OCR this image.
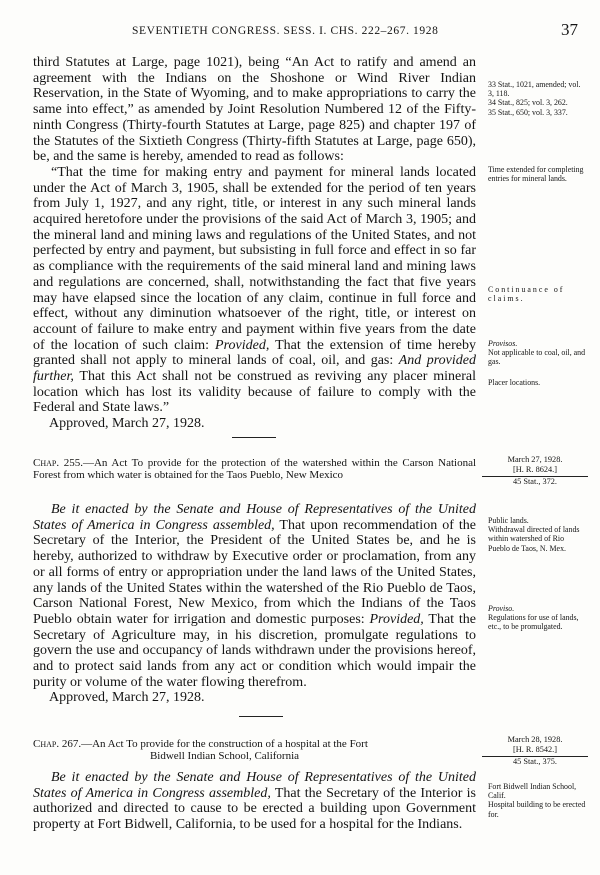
SEVENTIETH CONGRESS. SESS. I. CHS. 222–267. 1928	37

third Statutes at Large, page 1021), being “An Act to ratify and amend an agreement with the Indians on the Shoshone or Wind River Indian Reservation, in the State of Wyoming, and to make appropriations to carry the same into effect,” as amended by Joint Resolution Numbered 12 of the Fifty-ninth Congress (Thirty-fourth Statutes at Large, page 825) and chapter 197 of the Statutes of the Sixtieth Congress (Thirty-fifth Statutes at Large, page 650), be, and the same is hereby, amended to read as follows:

“That the time for making entry and payment for mineral lands located under the Act of March 3, 1905, shall be extended for the period of ten years from July 1, 1927, and any right, title, or interest in any such mineral lands acquired heretofore under the provisions of the said Act of March 3, 1905; and the mineral land and mining laws and regulations of the United States, and not perfected by entry and payment, but subsisting in full force and effect in so far as compliance with the requirements of the said mineral land and mining laws and regulations are concerned, shall, notwithstanding the fact that five years may have elapsed since the location of any claim, continue in full force and effect, without any diminution whatsoever of the right, title, or interest on account of failure to make entry and payment within five years from the date of the location of such claim: Provided, That the extension of time hereby granted shall not apply to mineral lands of coal, oil, and gas: And provided further, That this Act shall not be construed as reviving any placer mineral location which has lost its validity because of failure to comply with the Federal and State laws.”

Approved, March 27, 1928.

33 Stat., 1021, amended; vol. 3, 118.

34 Stat., 825; vol. 3, 262.

35 Stat., 650; vol. 3, 337.

Time extended for completing entries for mineral lands.

Continuance of claims.

Provisos.

Not applicable to coal, oil, and gas.

Placer locations.

Chap. 255.—An Act To provide for the protection of the watershed within the Carson National Forest from which water is obtained for the Taos Pueblo, New Mexico
March 27, 1928.
[H. R. 8624.]
45 Stat., 372.

Be it enacted by the Senate and House of Representatives of the United States of America in Congress assembled, That upon recommendation of the Secretary of the Interior, the President of the United States be, and he is hereby, authorized to withdraw by Executive order or proclamation, from any or all forms of entry or appropriation under the land laws of the United States, any lands of the United States within the watershed of the Rio Pueblo de Taos, Carson National Forest, New Mexico, from which the Indians of the Taos Pueblo obtain water for irrigation and domestic purposes: Provided, That the Secretary of Agriculture may, in his discretion, promulgate regulations to govern the use and occupancy of lands withdrawn under the provisions hereof, and to protect said lands from any act or condition which would impair the purity or volume of the water flowing therefrom.

Approved, March 27, 1928.

Public lands.

Withdrawal directed of lands within watershed of Rio Pueblo de Taos, N. Mex.

Proviso.

Regulations for use of lands, etc., to be promulgated.

Chap. 267.—An Act To provide for the construction of a hospital at the Fort
Bidwell Indian School, California
March 28, 1928.
[H. R. 8542.]
45 Stat., 375.

Be it enacted by the Senate and House of Representatives of the United States of America in Congress assembled, That the Secretary of the Interior is authorized and directed to cause to be erected a building upon Government property at Fort Bidwell, California, to be used for a hospital for the Indians.

Fort Bidwell Indian School, Calif.

Hospital building to be erected for.
